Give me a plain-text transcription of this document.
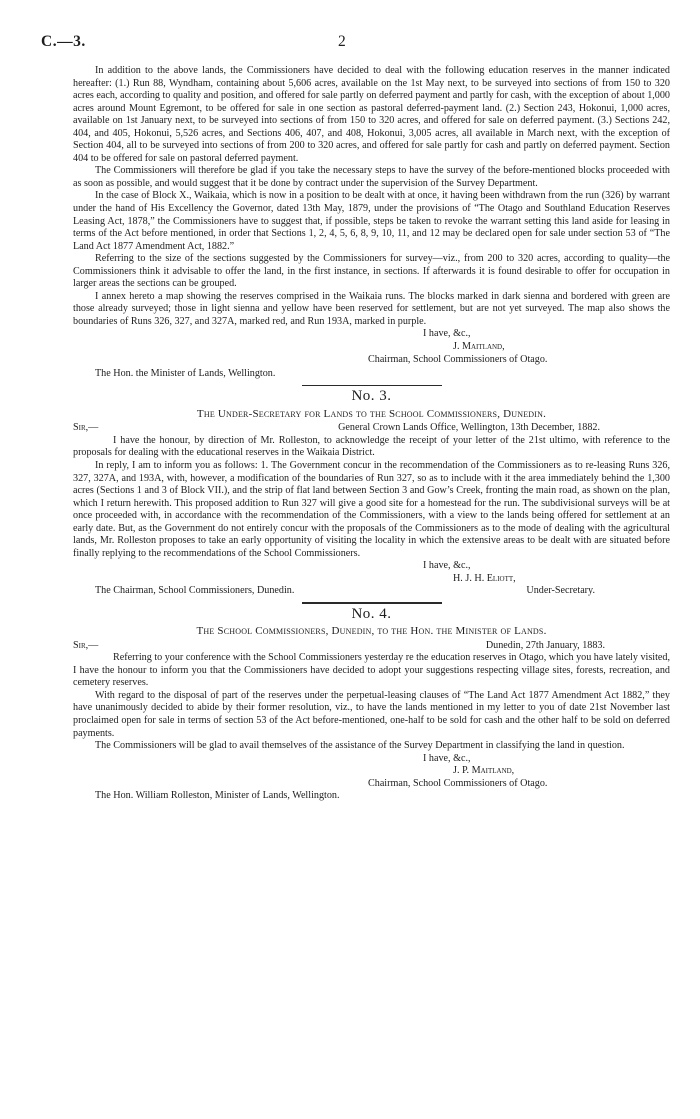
C.—3.	2

In addition to the above lands, the Commissioners have decided to deal with the following education reserves in the manner indicated hereafter: (1.) Run 88, Wyndham, containing about 5,606 acres, available on the 1st May next, to be surveyed into sections of from 150 to 320 acres each, according to quality and position, and offered for sale partly on deferred payment and partly for cash, with the exception of about 1,000 acres around Mount Egremont, to be offered for sale in one section as pastoral deferred-payment land. (2.) Section 243, Hokonui, 1,000 acres, available on 1st January next, to be surveyed into sections of from 150 to 320 acres, and offered for sale on deferred payment. (3.) Sections 242, 404, and 405, Hokonui, 5,526 acres, and Sections 406, 407, and 408, Hokonui, 3,005 acres, all available in March next, with the exception of Section 404, all to be surveyed into sections of from 200 to 320 acres, and offered for sale partly for cash and partly on deferred payment. Section 404 to be offered for sale on pastoral deferred payment.

The Commissioners will therefore be glad if you take the necessary steps to have the survey of the before-mentioned blocks proceeded with as soon as possible, and would suggest that it be done by contract under the supervision of the Survey Department.

In the case of Block X., Waikaia, which is now in a position to be dealt with at once, it having been withdrawn from the run (326) by warrant under the hand of His Excellency the Governor, dated 13th May, 1879, under the provisions of “The Otago and Southland Education Reserves Leasing Act, 1878,” the Commissioners have to suggest that, if possible, steps be taken to revoke the warrant setting this land aside for leasing in terms of the Act before mentioned, in order that Sections 1, 2, 4, 5, 6, 8, 9, 10, 11, and 12 may be declared open for sale under section 53 of “The Land Act 1877 Amendment Act, 1882.”

Referring to the size of the sections suggested by the Commissioners for survey—viz., from 200 to 320 acres, according to quality—the Commissioners think it advisable to offer the land, in the first instance, in sections. If afterwards it is found desirable to offer for occupation in larger areas the sections can be grouped.

I annex hereto a map showing the reserves comprised in the Waikaia runs. The blocks marked in dark sienna and bordered with green are those already surveyed; those in light sienna and yellow have been reserved for settlement, but are not yet surveyed. The map also shows the boundaries of Runs 326, 327, and 327A, marked red, and Run 193A, marked in purple.

I have, &c.,

J. Maitland,

Chairman, School Commissioners of Otago.

The Hon. the Minister of Lands, Wellington.

No. 3.

The Under-Secretary for Lands to the School Commissioners, Dunedin.

Sir,—	General Crown Lands Office, Wellington, 13th December, 1882.

I have the honour, by direction of Mr. Rolleston, to acknowledge the receipt of your letter of the 21st ultimo, with reference to the proposals for dealing with the educational reserves in the Waikaia District.

In reply, I am to inform you as follows: 1. The Government concur in the recommendation of the Commissioners as to re-leasing Runs 326, 327, 327A, and 193A, with, however, a modification of the boundaries of Run 327, so as to include with it the area immediately behind the 1,300 acres (Sections 1 and 3 of Block VII.), and the strip of flat land between Section 3 and Gow’s Creek, fronting the main road, as shown on the plan, which I return herewith. This proposed addition to Run 327 will give a good site for a homestead for the run. The subdivisional surveys will be at once proceeded with, in accordance with the recommendation of the Commissioners, with a view to the lands being offered for settlement at an early date. But, as the Government do not entirely concur with the proposals of the Commissioners as to the mode of dealing with the agricultural lands, Mr. Rolleston proposes to take an early opportunity of visiting the locality in which the extensive areas to be dealt with are situated before finally replying to the recommendations of the School Commissioners.

I have, &c.,

H. J. H. Eliott,

The Chairman, School Commissioners, Dunedin.	Under-Secretary.
No. 4.

The School Commissioners, Dunedin, to the Hon. the Minister of Lands.

Sir,—	Dunedin, 27th January, 1883.

Referring to your conference with the School Commissioners yesterday re the education reserves in Otago, which you have lately visited, I have the honour to inform you that the Commissioners have decided to adopt your suggestions respecting village sites, forests, recreation, and cemetery reserves.

With regard to the disposal of part of the reserves under the perpetual-leasing clauses of “The Land Act 1877 Amendment Act 1882,” they have unanimously decided to abide by their former resolution, viz., to have the lands mentioned in my letter to you of date 21st November last proclaimed open for sale in terms of section 53 of the Act before-mentioned, one-half to be sold for cash and the other half to be sold on deferred payments.

The Commissioners will be glad to avail themselves of the assistance of the Survey Department in classifying the land in question.

I have, &c.,

J. P. Maitland,

Chairman, School Commissioners of Otago.

The Hon. William Rolleston, Minister of Lands, Wellington.
